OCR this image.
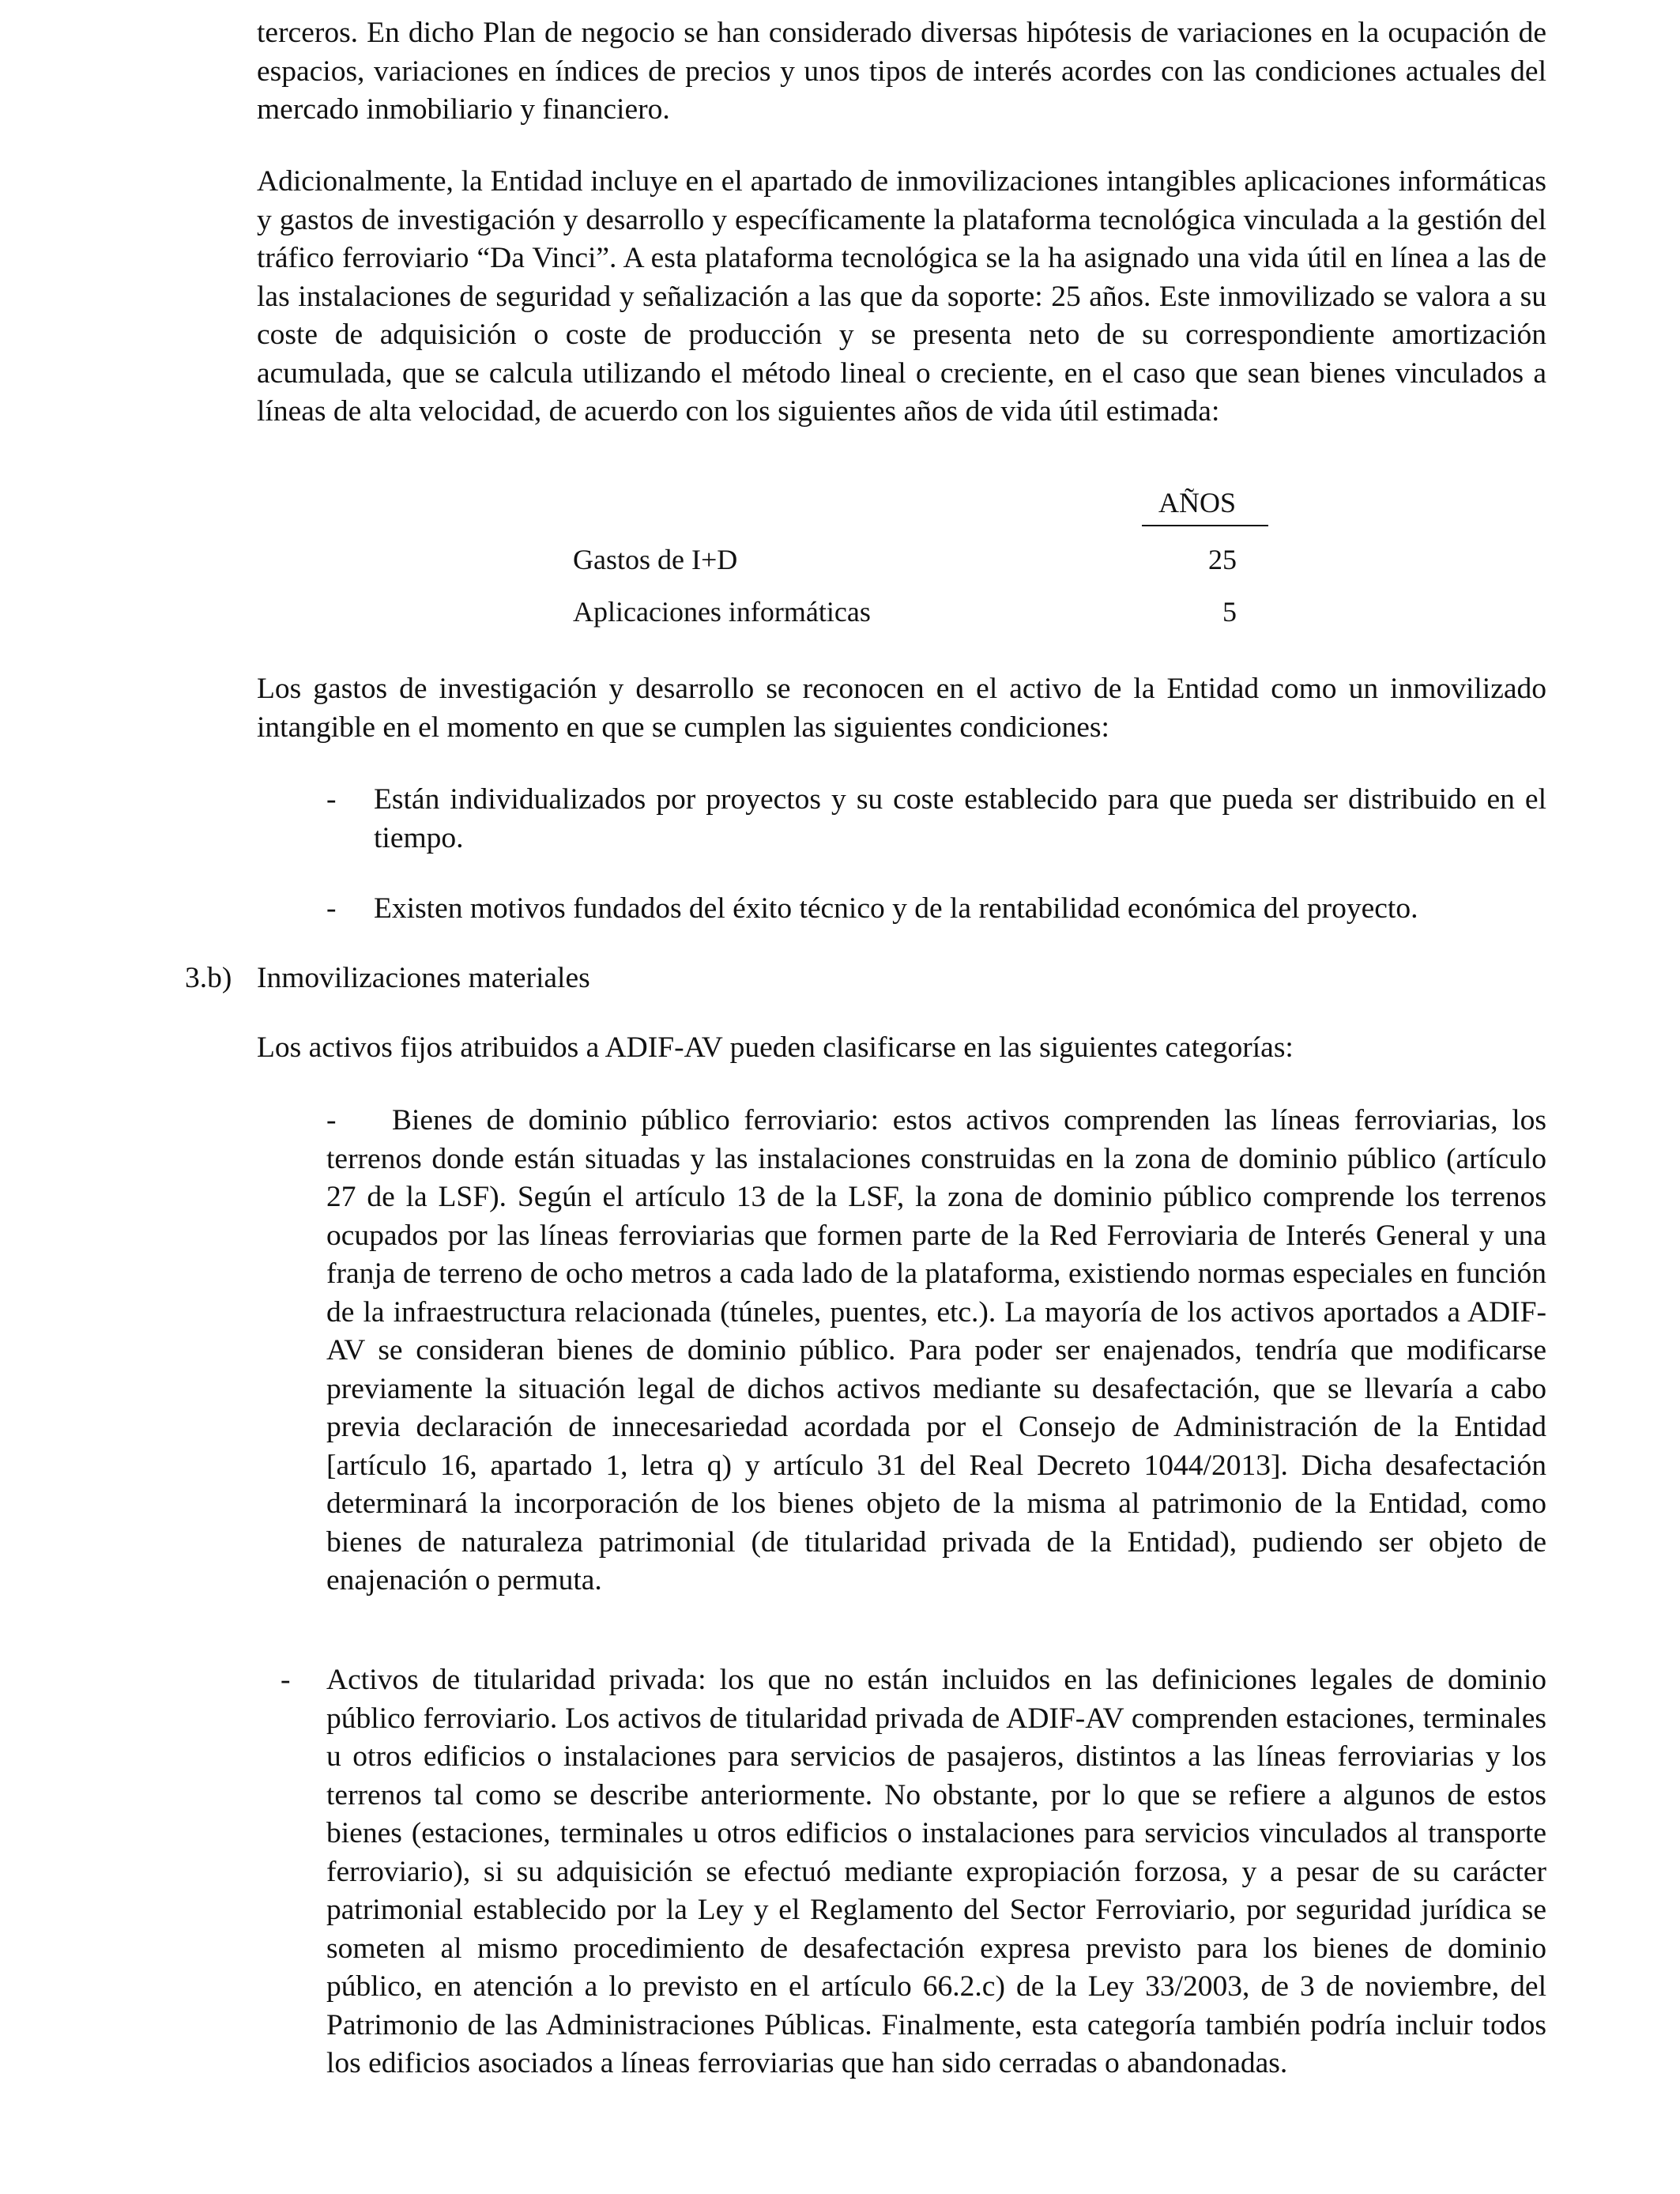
terceros. En dicho Plan de negocio se han considerado diversas hipótesis de variaciones en la ocupación de espacios, variaciones en índices de precios y unos tipos de interés acordes con las condiciones actuales del mercado inmobiliario y financiero.

Adicionalmente, la Entidad incluye en el apartado de inmovilizaciones intangibles aplicaciones informáticas y gastos de investigación y desarrollo y específicamente la plataforma tecnológica vinculada a la gestión del tráfico ferroviario “Da Vinci”. A esta plataforma tecnológica se la ha asignado una vida útil en línea a las de las instalaciones de seguridad y señalización a las que da soporte: 25 años. Este inmovilizado se valora a su coste de adquisición o coste de producción y se presenta neto de su correspondiente amortización acumulada, que se calcula utilizando el método lineal o creciente, en el caso que sean bienes vinculados a líneas de alta velocidad, de acuerdo con los siguientes años de vida útil estimada:

AÑOS
Gastos de I+D	25
Aplicaciones informáticas	5

Los gastos de investigación y desarrollo se reconocen en el activo de la Entidad como un inmovilizado intangible en el momento en que se cumplen las siguientes condiciones:

-	Están individualizados por proyectos y su coste establecido para que pueda ser distribuido en el tiempo.
-	Existen motivos fundados del éxito técnico y de la rentabilidad económica del proyecto.
3.b) Inmovilizaciones materiales

Los activos fijos atribuidos a ADIF-AV pueden clasificarse en las siguientes categorías:

- Bienes de dominio público ferroviario: estos activos comprenden las líneas ferroviarias, los terrenos donde están situadas y las instalaciones construidas en la zona de dominio público (artículo 27 de la LSF). Según el artículo 13 de la LSF, la zona de dominio público comprende los terrenos ocupados por las líneas ferroviarias que formen parte de la Red Ferroviaria de Interés General y una franja de terreno de ocho metros a cada lado de la plataforma, existiendo normas especiales en función de la infraestructura relacionada (túneles, puentes, etc.). La mayoría de los activos aportados a ADIF-AV se consideran bienes de dominio público. Para poder ser enajenados, tendría que modificarse previamente la situación legal de dichos activos mediante su desafectación, que se llevaría a cabo previa declaración de innecesariedad acordada por el Consejo de Administración de la Entidad [artículo 16, apartado 1, letra q) y artículo 31 del Real Decreto 1044/2013]. Dicha desafectación determinará la incorporación de los bienes objeto de la misma al patrimonio de la Entidad, como bienes de naturaleza patrimonial (de titularidad privada de la Entidad), pudiendo ser objeto de enajenación o permuta.

-	Activos de titularidad privada: los que no están incluidos en las definiciones legales de dominio público ferroviario. Los activos de titularidad privada de ADIF-AV comprenden estaciones, terminales u otros edificios o instalaciones para servicios de pasajeros, distintos a las líneas ferroviarias y los terrenos tal como se describe anteriormente. No obstante, por lo que se refiere a algunos de estos bienes (estaciones, terminales u otros edificios o instalaciones para servicios vinculados al transporte ferroviario), si su adquisición se efectuó mediante expropiación forzosa, y a pesar de su carácter patrimonial establecido por la Ley y el Reglamento del Sector Ferroviario, por seguridad jurídica se someten al mismo procedimiento de desafectación expresa previsto para los bienes de dominio público, en atención a lo previsto en el artículo 66.2.c) de la Ley 33/2003, de 3 de noviembre, del Patrimonio de las Administraciones Públicas. Finalmente, esta categoría también podría incluir todos los edificios asociados a líneas ferroviarias que han sido cerradas o abandonadas.
